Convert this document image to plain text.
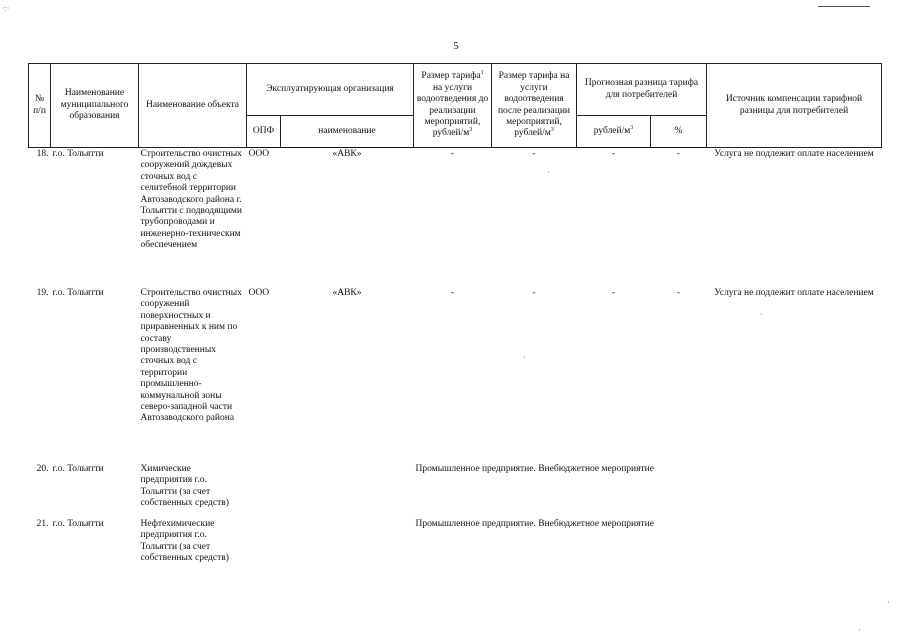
·:·
5
№ п/п	Наименование муниципального образования	Наименование объекта	Эксплуатирующая организация		Размер тарифа$^1$ на услуги водоотведения до реализации мероприятий, рублей/$м^3$	Размер тарифа на услуги водоотведения после реализации мероприятий, рублей/$м^3$	Прогнозная разница тарифа для потребителей		Источник компенсации тарифной разницы для потребителей
			ОПФ	наименование			рублей/$м^3$	%	
18.	г.о. Тольятти	Строительство очистных сооружений дождевых сточных вод с селитебной территории Автозаводского района г. Тольятти с подводящими трубопроводами и инженерно-техническим обеспечением	ООО	«АВК»	-	-	-	-	Услуга не подлежит оплате населением
19.	г.о. Тольятти	Строительство очистных сооружений поверхностных и приравненных к ним по составу производственных сточных вод с территории промышленно-коммунальной зоны северо-западной части Автозаводского района	ООО	«АВК»	-	-	-	-	Услуга не подлежит оплате населением
20.	г.о. Тольятти	Химические предприятия г.о. Тольятти (за счет собственных средств)			Промышленное предприятие. Внебюджетное мероприятие				
21.	г.о. Тольятти	Нефтехимические предприятия г.о. Тольятти (за счет собственных средств)			Промышленное предприятие. Внебюджетное мероприятие				
·
·
·
·
·
